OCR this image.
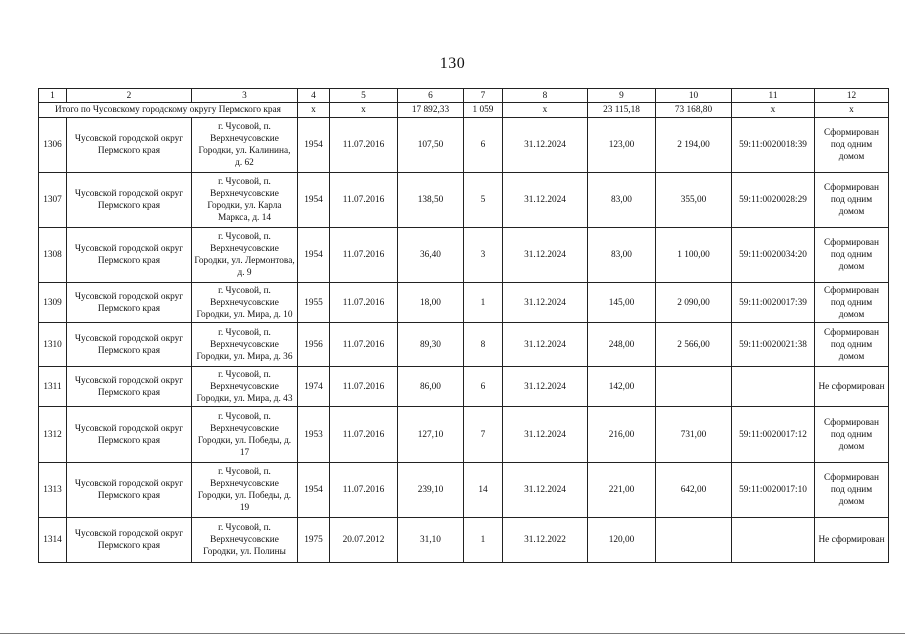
130
1	2	3	4	5	6	7	8	9	10	11	12
Итого по Чусовскому городскому округу Пермского края			x	x	17 892,33	1 059	x	23 115,18	73 168,80	x	x
1306	Чусовской городской округ Пермского края	г. Чусовой, п. Верхнечусовские Городки, ул. Калинина, д. 62	1954	11.07.2016	107,50	6	31.12.2024	123,00	2 194,00	59:11:0020018:39	Сформирован под одним домом
1307	Чусовской городской округ Пермского края	г. Чусовой, п. Верхнечусовские Городки, ул. Карла Маркса, д. 14	1954	11.07.2016	138,50	5	31.12.2024	83,00	355,00	59:11:0020028:29	Сформирован под одним домом
1308	Чусовской городской округ Пермского края	г. Чусовой, п. Верхнечусовские Городки, ул. Лермонтова, д. 9	1954	11.07.2016	36,40	3	31.12.2024	83,00	1 100,00	59:11:0020034:20	Сформирован под одним домом
1309	Чусовской городской округ Пермского края	г. Чусовой, п. Верхнечусовские Городки, ул. Мира, д. 10	1955	11.07.2016	18,00	1	31.12.2024	145,00	2 090,00	59:11:0020017:39	Сформирован под одним домом
1310	Чусовской городской округ Пермского края	г. Чусовой, п. Верхнечусовские Городки, ул. Мира, д. 36	1956	11.07.2016	89,30	8	31.12.2024	248,00	2 566,00	59:11:0020021:38	Сформирован под одним домом
1311	Чусовской городской округ Пермского края	г. Чусовой, п. Верхнечусовские Городки, ул. Мира, д. 43	1974	11.07.2016	86,00	6	31.12.2024	142,00			Не сформирован
1312	Чусовской городской округ Пермского края	г. Чусовой, п. Верхнечусовские Городки, ул. Победы, д. 17	1953	11.07.2016	127,10	7	31.12.2024	216,00	731,00	59:11:0020017:12	Сформирован под одним домом
1313	Чусовской городской округ Пермского края	г. Чусовой, п. Верхнечусовские Городки, ул. Победы, д. 19	1954	11.07.2016	239,10	14	31.12.2024	221,00	642,00	59:11:0020017:10	Сформирован под одним домом
1314	Чусовской городской округ Пермского края	г. Чусовой, п. Верхнечусовские Городки, ул. Полины	1975	20.07.2012	31,10	1	31.12.2022	120,00			Не сформирован
